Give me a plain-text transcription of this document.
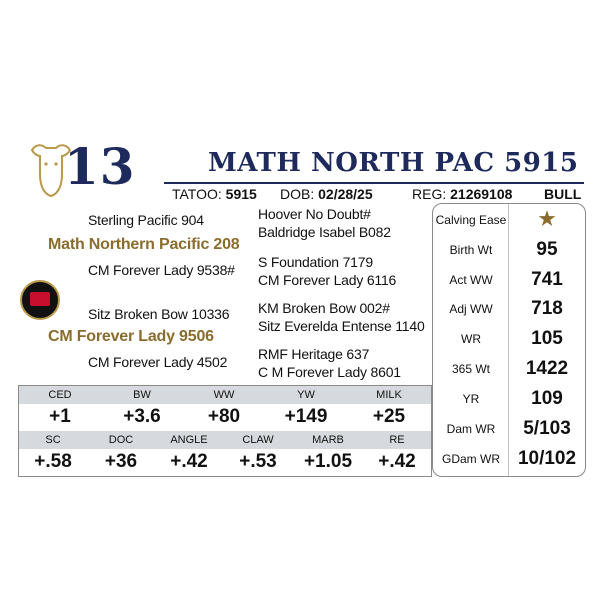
13	MATH NORTH PAC 5915
TATOO: 5915 DOB: 02/28/25	REG: 21269108 BULL
Sterling Pacific 904
Math Northern Pacific 208
CM Forever Lady 9538#
Sitz Broken Bow 10336
CM Forever Lady 9506
CM Forever Lady 4502
Hoover No Doubt#
Baldridge Isabel B082
S Foundation 7179
CM Forever Lady 6116
KM Broken Bow 002#
Sitz Everelda Entense 1140
RMF Heritage 637
C M Forever Lady 8601
Calving Ease	★
Birth Wt	95
Act WW	741
Adj WW	718
WR	105
365 Wt	1422
YR	109
Dam WR	5/103
GDam WR 10/102
CED	BW	WW	YW	MILK
+1	+3.6	+80	+149	+25
SC	DOC	ANGLE	CLAW	MARB	RE
+.58	+36	+.42	+.53	+1.05	+.42
